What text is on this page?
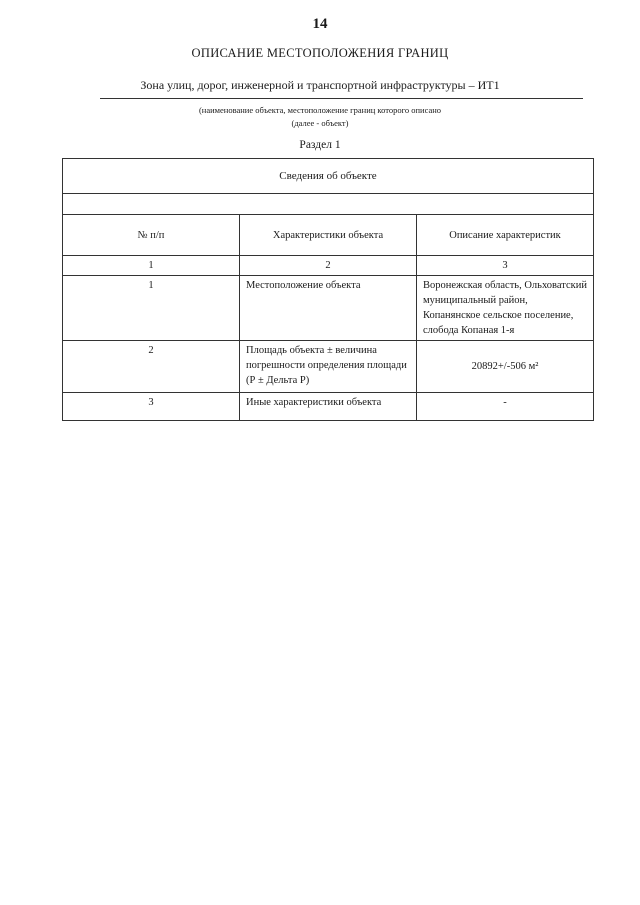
14
ОПИСАНИЕ МЕСТОПОЛОЖЕНИЯ ГРАНИЦ
Зона улиц, дорог, инженерной и транспортной инфраструктуры – ИТ1
(наименование объекта, местоположение границ которого описано
(далее - объект)
Раздел 1
Сведения об объекте		

№ п/п	Характеристики объекта	Описание характеристик
1	2	3
1	Местоположение объекта	Воронежская область, Ольховатский муниципальный район, Копанянское сельское поселение, слобода Копаная 1-я
2	Площадь объекта ± величина погрешности определения площади (Р ± Дельта Р)	20892+/-506 м²
3	Иные характеристики объекта	-
